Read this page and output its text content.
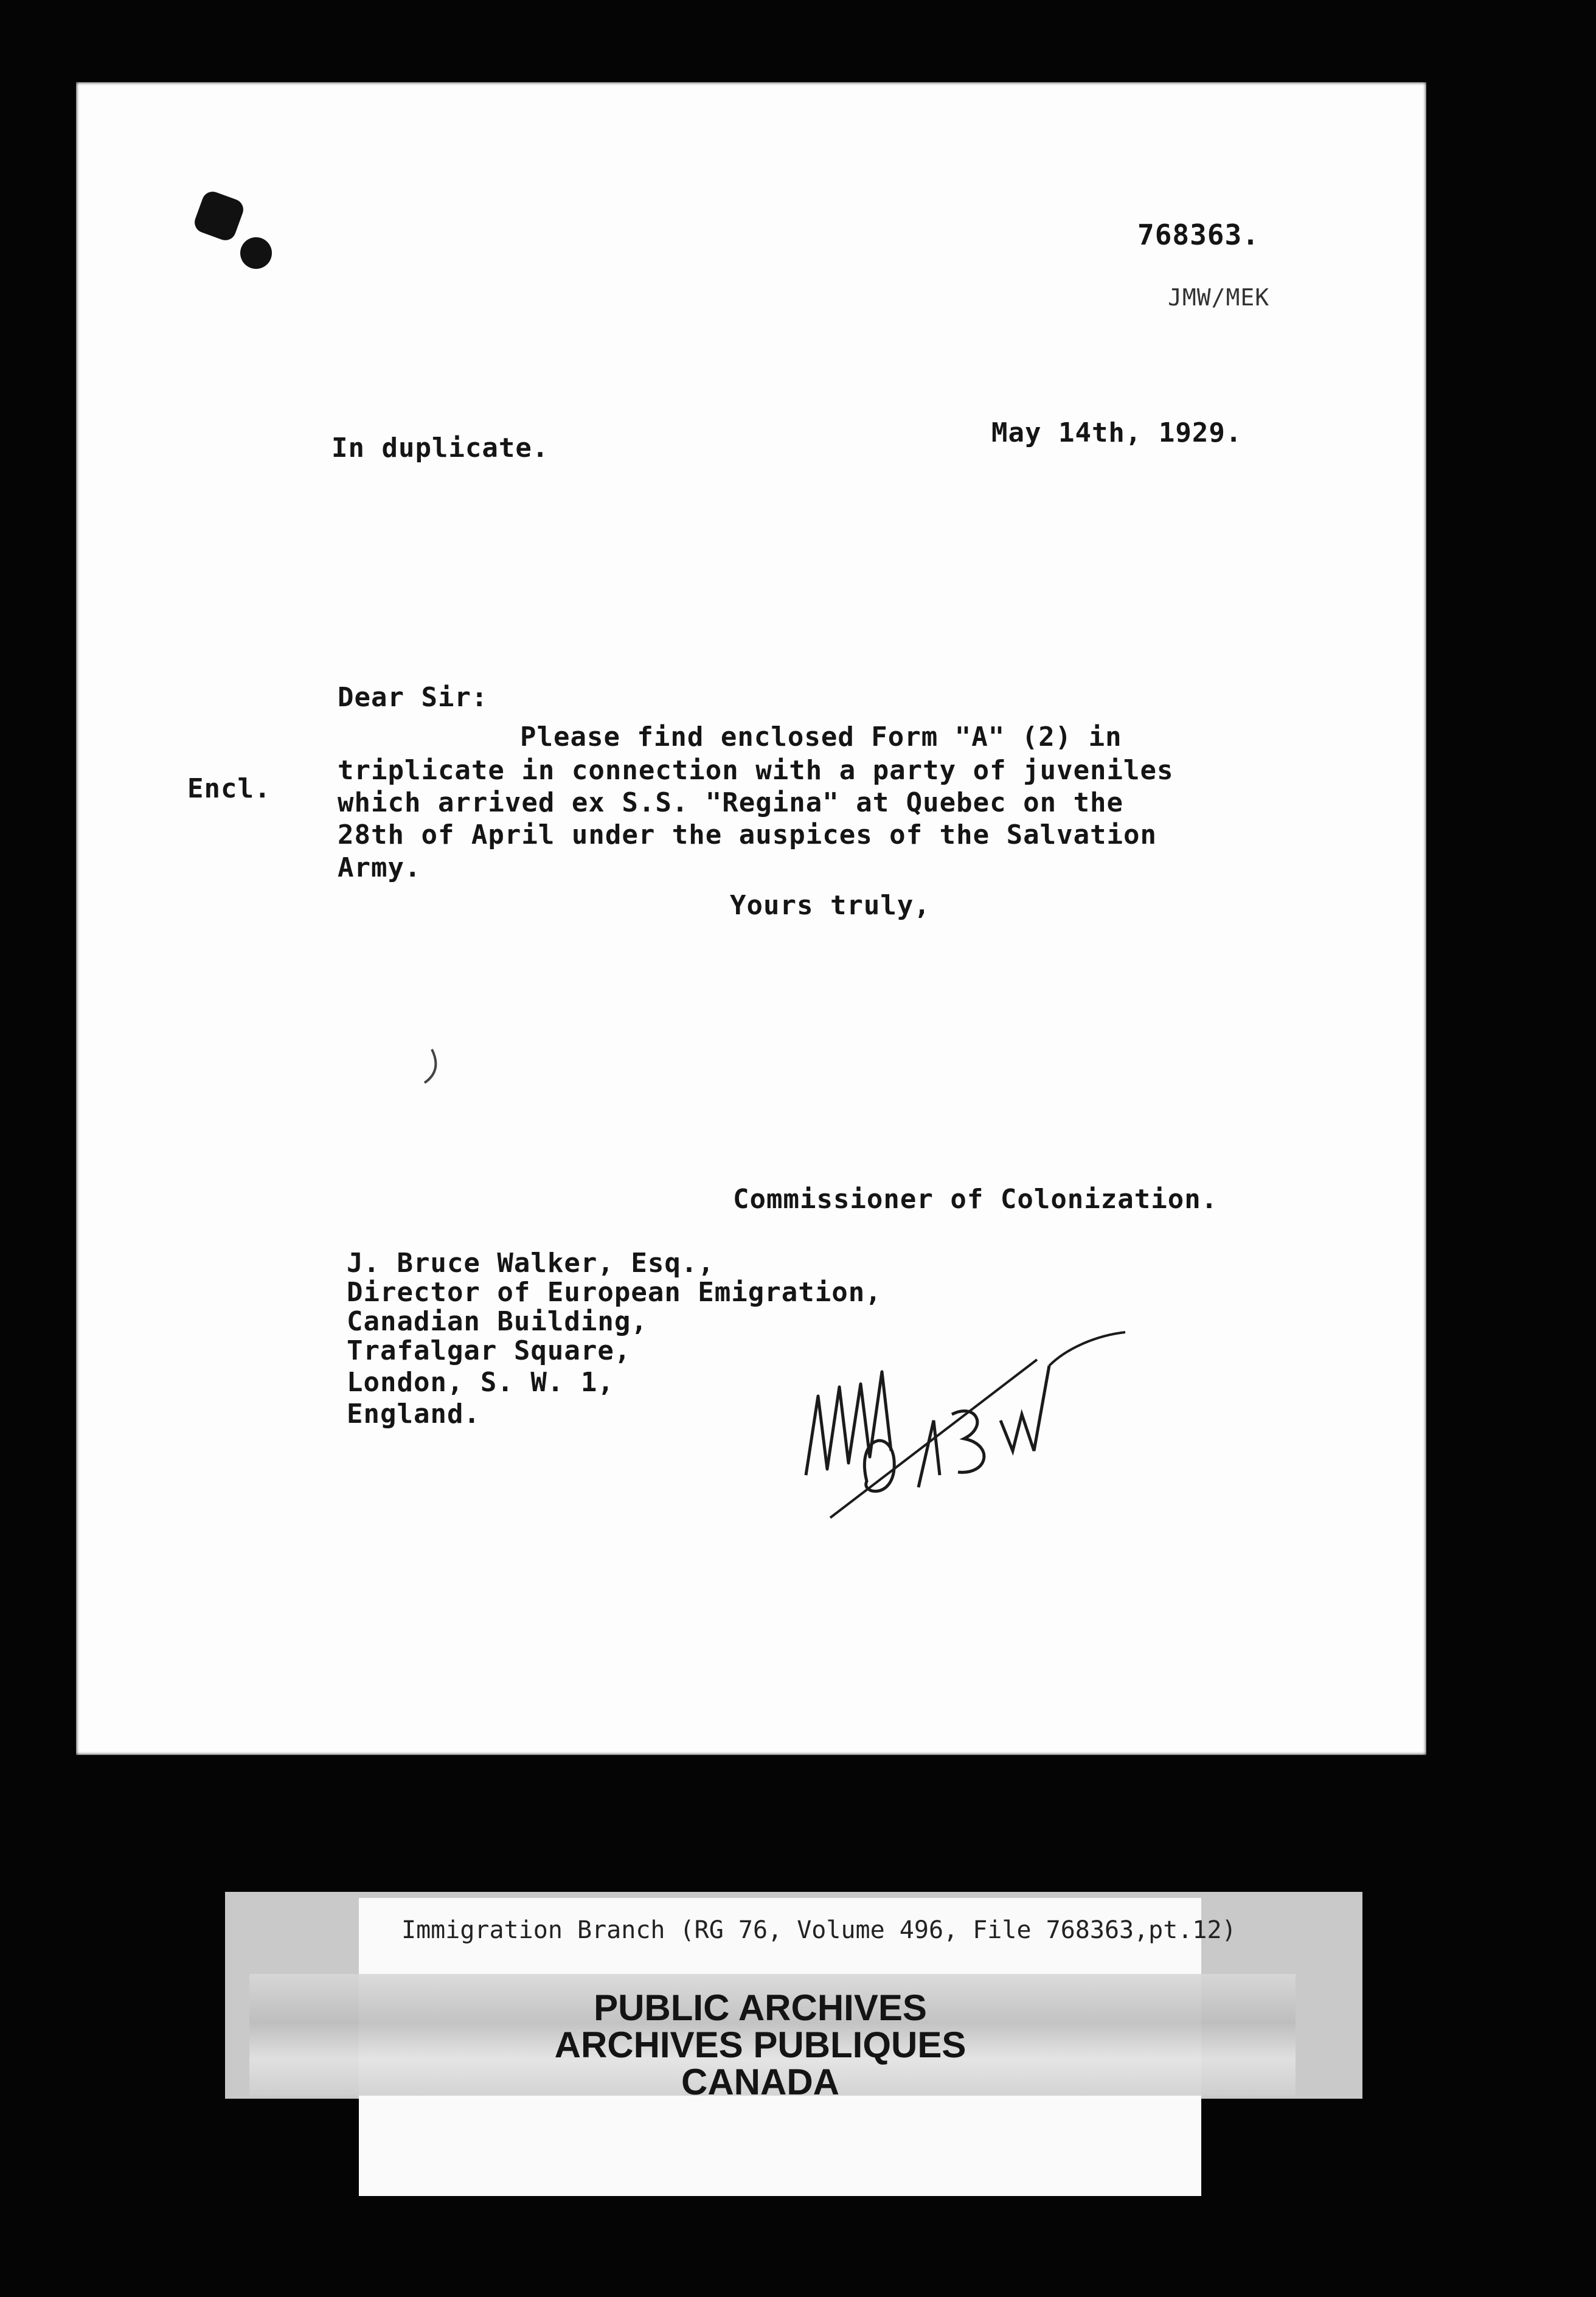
768363.
JMW/MEK
In duplicate.	May 14th, 1929.
Dear Sir:
Encl.
Please find enclosed Form "A" (2) in
triplicate in connection with a party of juveniles
which arrived ex S.S. "Regina" at Quebec on the
28th of April under the auspices of the Salvation
Army.
Yours truly,
Commissioner of Colonization.
J. Bruce Walker, Esq.,
Director of European Emigration,
Canadian Building,
Trafalgar Square,
London, S. W. 1,
England.
Immigration Branch (RG 76, Volume 496, File 768363,pt.12)
PUBLIC ARCHIVES
ARCHIVES PUBLIQUES
CANADA
